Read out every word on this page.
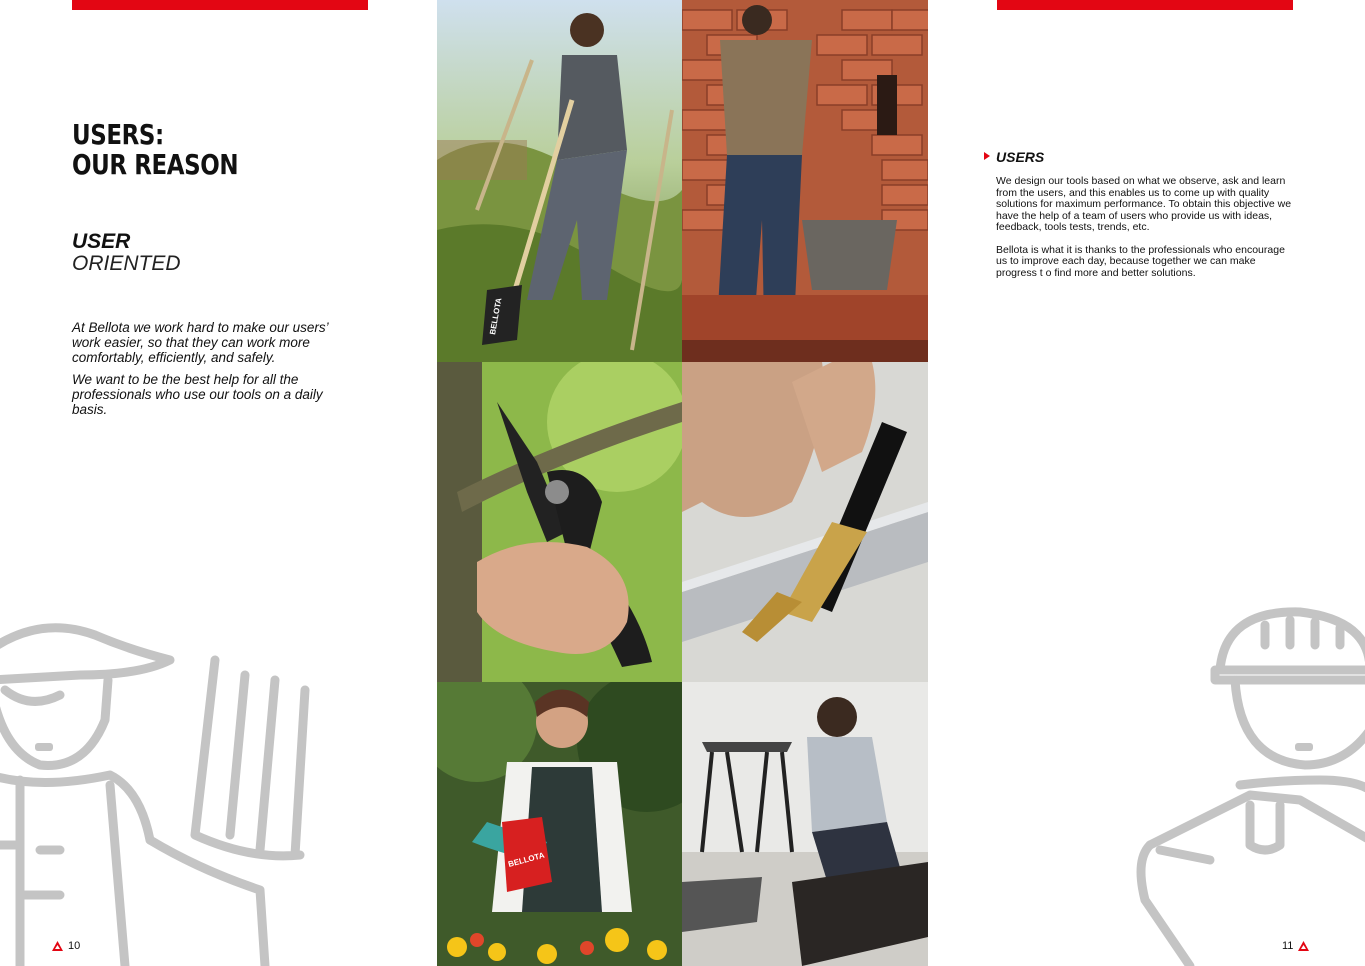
USERS:
OUR REASON
USER
ORIENTED

At Bellota we work hard to make our users’ work easier, so that they can work more comfortably, efficiently, and safely.

We want to be the best help for all the professionals who use our tools on a daily basis.

USERS

We design our tools based on what we observe, ask and learn from the users, and this enables us to come up with quality solutions for maximum performance. To obtain this objective we have the help of a team of users who provide us with ideas, feedback, tools tests, trends, etc.

Bellota is what it is thanks to the professionals who encourage us to improve each day, because together we can make progress t o find more and better solutions.

BELLOTA
BELLOTA
10	11
